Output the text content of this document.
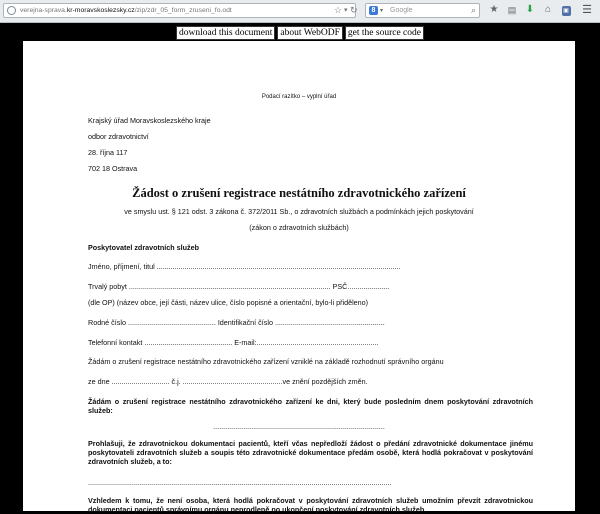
verejna-sprava.kr-moravskoslezsky.cz/zip/zdr_05_form_zruseni_fo.odt	☆ ▾ ↻	8 ▾ Google	⌕ ★ ▤ ⬇ ⌂	▣ ☰
download this document about WebODF get the source code
Podací razítko – vyplní úřad
Krajský úřad Moravskoslezského kraje
odbor zdravotnictví
28. října 117
702 18 Ostrava
Žádost o zrušení registrace nestátního zdravotnického zařízení
ve smyslu ust. § 121 odst. 3 zákona č. 372/2011 Sb., o zdravotních službách a podmínkách jejich poskytování
(zákon o zdravotních službách)
Poskytovatel zdravotních služeb
Jméno, příjmení, titul ..........................................................................................................................
Trvalý pobyt ..................................................................................................... PSČ.....................
(dle OP) (název obce, její části, název ulice, číslo popisné a orientační, bylo-li přiděleno)
Rodné číslo ............................................ Identifikační číslo .......................................................
Telefonní kontakt ............................................ E-mail:.............................................................
Žádám o zrušení registrace nestátního zdravotnického zařízení vzniklé na základě rozhodnutí správního orgánu
ze dne ............................. č.j. ..................................................ve znění pozdějších změn.
Žádám o zrušení registrace nestátního zdravotnického zařízení ke dni, který bude posledním dnem poskytování zdravotních služeb:
......................................................................................
Prohlašuji, že zdravotnickou dokumentaci pacientů, kteří včas nepředloží žádost o předání zdravotnické dokumentace jinému poskytovateli zdravotních služeb a soupis této zdravotnické dokumentace předám osobě, která hodlá pokračovat v poskytování zdravotních služeb, a to:
........................................................................................................................................................
Vzhledem k tomu, že není osoba, která hodlá pokračovat v poskytování zdravotních služeb umožním převzít zdravotnickou dokumentaci pacientů správnímu orgánu neprodleně po ukončení poskytování zdravotních služeb.
